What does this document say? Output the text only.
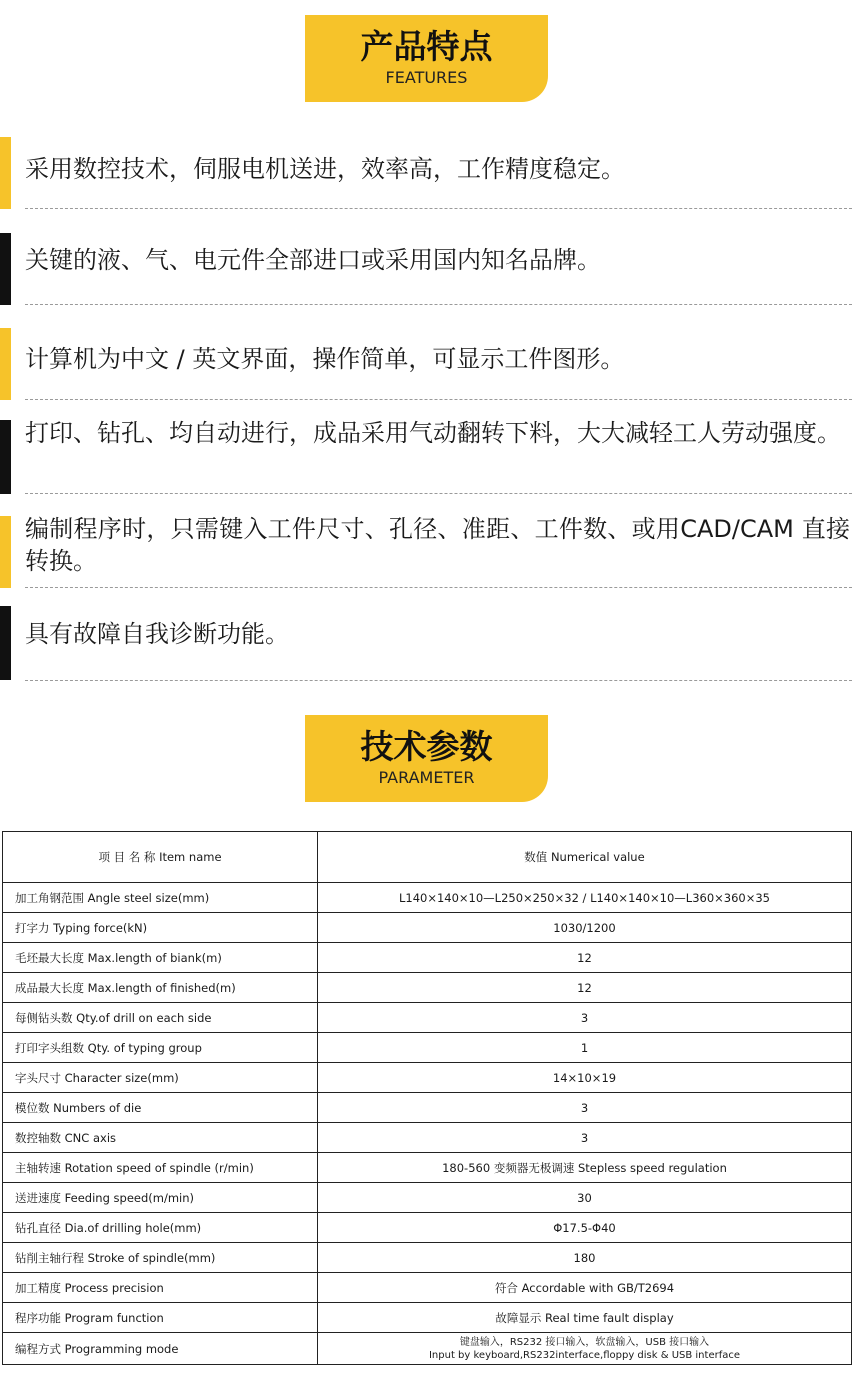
产品特点
FEATURES
采用数控技术，伺服电机送进，效率高，工作精度稳定。
关键的液、气、电元件全部进口或采用国内知名品牌。
计算机为中文 / 英文界面，操作简单，可显示工件图形。
打印、钻孔、均自动进行，成品采用气动翻转下料，大大减轻工人劳动强度。
编制程序时，只需键入工件尺寸、孔径、准距、工件数、或用CAD/CAM 直接转换。
具有故障自我诊断功能。
技术参数
PARAMETER
项 目 名 称 Item name	数值 Numerical value
加工角钢范围 Angle steel size(mm)	L140×140×10—L250×250×32 / L140×140×10—L360×360×35
打字力 Typing force(kN)	1030/1200
毛坯最大长度 Max.length of biank(m)	12
成品最大长度 Max.length of finished(m)	12
每侧钻头数 Qty.of drill on each side	3
打印字头组数 Qty. of typing group	1
字头尺寸 Character size(mm)	14×10×19
模位数 Numbers of die	3
数控轴数 CNC axis	3
主轴转速 Rotation speed of spindle (r/min)	180-560 变频器无极调速 Stepless speed regulation
送进速度 Feeding speed(m/min)	30
钻孔直径 Dia.of drilling hole(mm)	Φ17.5-Φ40
钻削主轴行程 Stroke of spindle(mm)	180
加工精度 Process precision	符合 Accordable with GB/T2694
程序功能 Program function	故障显示 Real time fault display
编程方式 Programming mode	键盘输入，RS232 接口输入，软盘输入，USB 接口输入
Input by keyboard,RS232interface,floppy disk & USB interface
